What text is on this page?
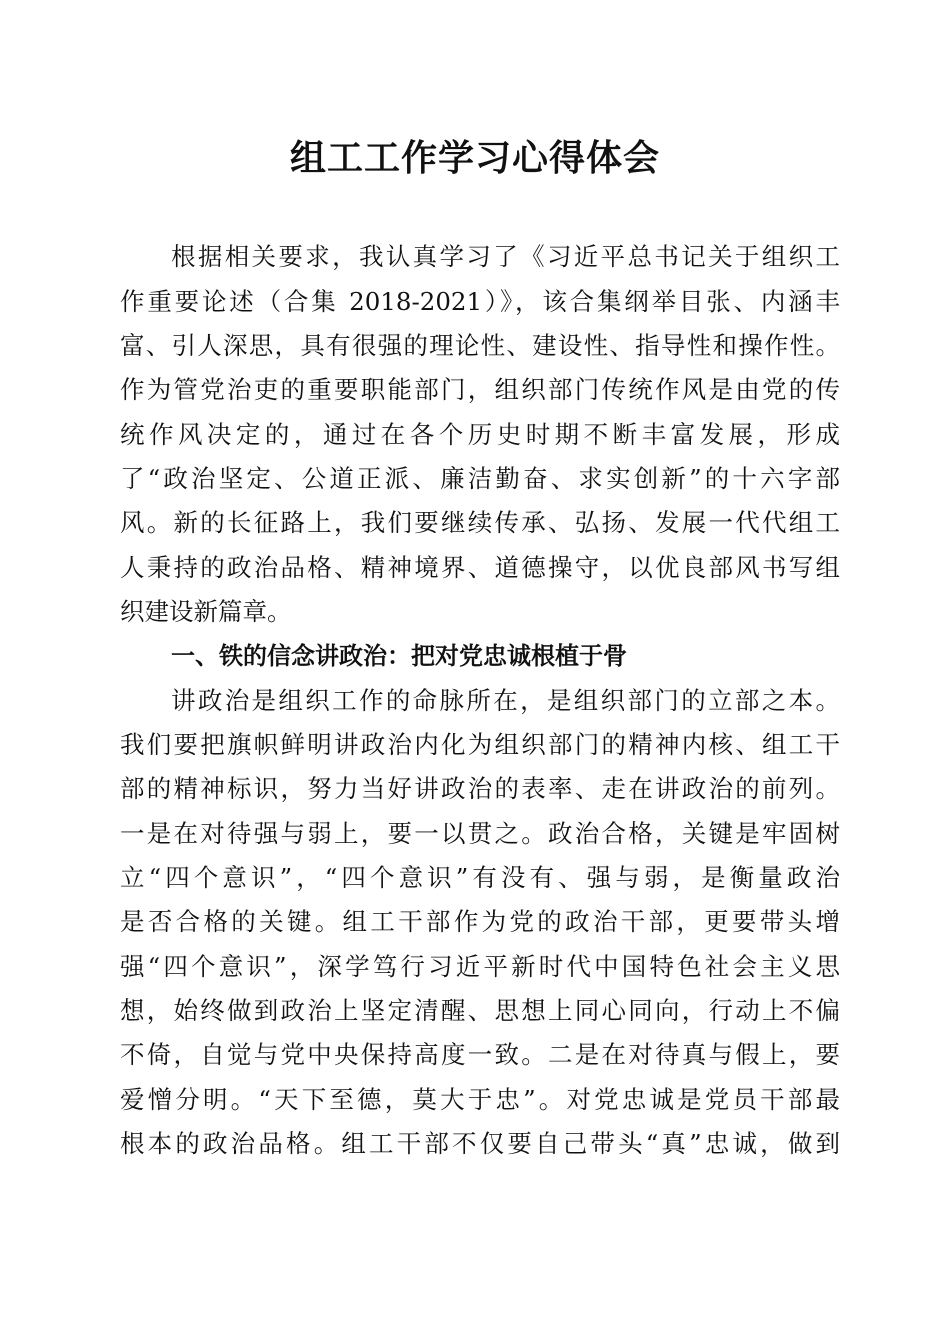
组工工作学习心得体会
根据相关要求，我认真学习了《习近平总书记关于组织工
作重要论述（合集 2018-2021）》，该合集纲举目张、内涵丰
富、引人深思，具有很强的理论性、建设性、指导性和操作性。
作为管党治吏的重要职能部门，组织部门传统作风是由党的传
统作风决定的，通过在各个历史时期不断丰富发展，形成
了“政治坚定、公道正派、廉洁勤奋、求实创新”的十六字部
风。新的长征路上，我们要继续传承、弘扬、发展一代代组工
人秉持的政治品格、精神境界、道德操守，以优良部风书写组
织建设新篇章。
一、铁的信念讲政治：把对党忠诚根植于骨
讲政治是组织工作的命脉所在，是组织部门的立部之本。
我们要把旗帜鲜明讲政治内化为组织部门的精神内核、组工干
部的精神标识，努力当好讲政治的表率、走在讲政治的前列。
一是在对待强与弱上，要一以贯之。政治合格，关键是牢固树
立“四个意识”，“四个意识”有没有、强与弱，是衡量政治
是否合格的关键。组工干部作为党的政治干部，更要带头增
强“四个意识”，深学笃行习近平新时代中国特色社会主义思
想，始终做到政治上坚定清醒、思想上同心同向，行动上不偏
不倚，自觉与党中央保持高度一致。二是在对待真与假上，要
爱憎分明。“天下至德，莫大于忠”。对党忠诚是党员干部最
根本的政治品格。组工干部不仅要自己带头“真”忠诚，做到
